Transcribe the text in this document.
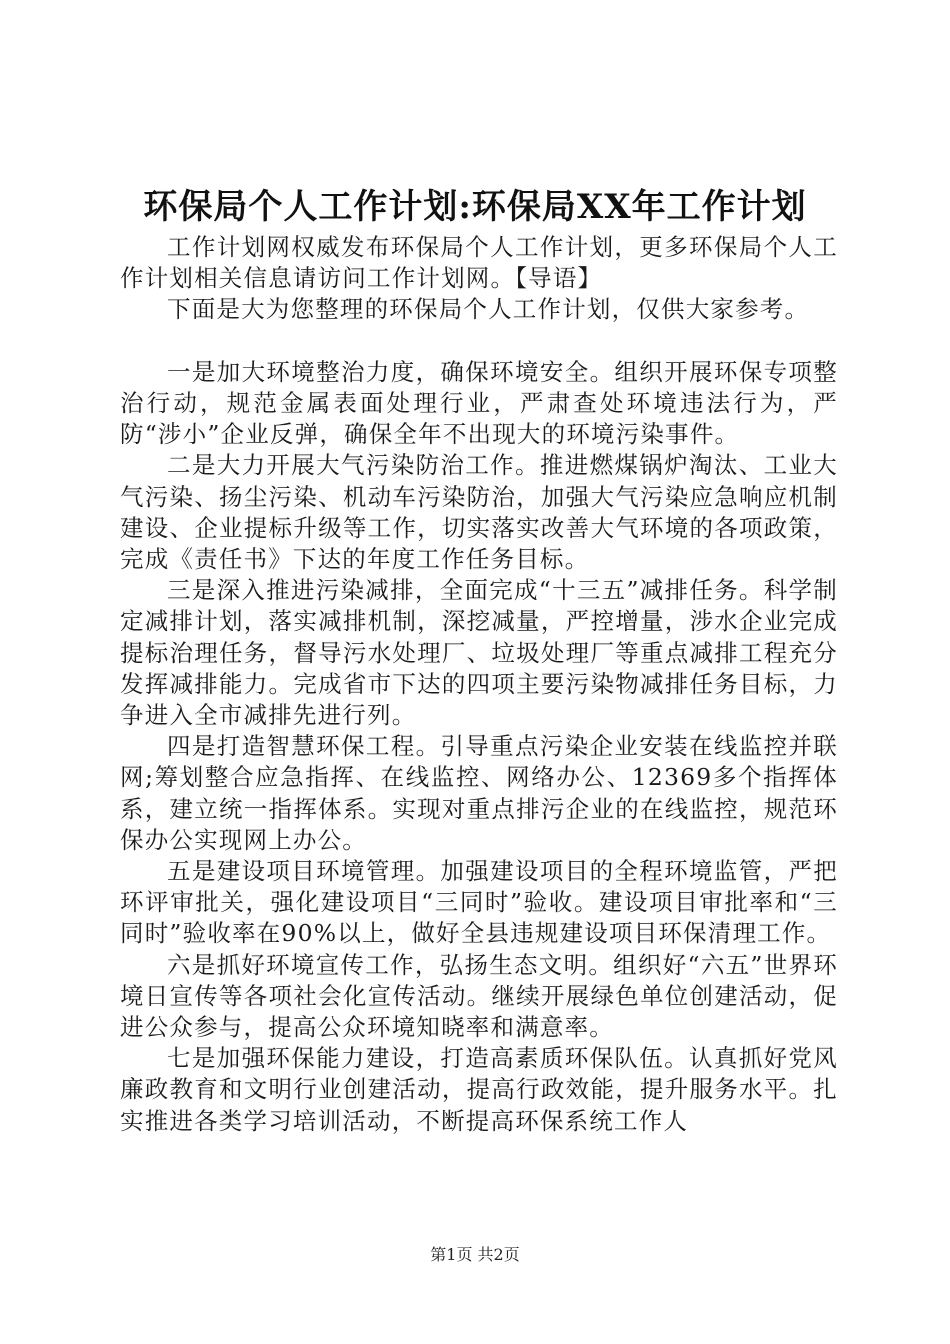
环保局个人工作计划:环保局XX年工作计划

工作计划网权威发布环保局个人工作计划，更多环保局个人工作计划相关信息请访问工作计划网。【导语】

下面是大为您整理的环保局个人工作计划，仅供大家参考。

一是加大环境整治力度，确保环境安全。组织开展环保专项整治行动，规范金属表面处理行业，严肃查处环境违法行为，严防“涉小”企业反弹，确保全年不出现大的环境污染事件。

二是大力开展大气污染防治工作。推进燃煤锅炉淘汰、工业大气污染、扬尘污染、机动车污染防治，加强大气污染应急响应机制建设、企业提标升级等工作，切实落实改善大气环境的各项政策，完成《责任书》下达的年度工作任务目标。

三是深入推进污染减排，全面完成“十三五”减排任务。科学制定减排计划，落实减排机制，深挖减量，严控增量，涉水企业完成提标治理任务，督导污水处理厂、垃圾处理厂等重点减排工程充分发挥减排能力。完成省市下达的四项主要污染物减排任务目标，力争进入全市减排先进行列。

四是打造智慧环保工程。引导重点污染企业安装在线监控并联网;筹划整合应急指挥、在线监控、网络办公、12369多个指挥体系，建立统一指挥体系。实现对重点排污企业的在线监控，规范环保办公实现网上办公。

五是建设项目环境管理。加强建设项目的全程环境监管，严把环评审批关，强化建设项目“三同时”验收。建设项目审批率和“三同时”验收率在90%以上，做好全县违规建设项目环保清理工作。

六是抓好环境宣传工作，弘扬生态文明。组织好“六五”世界环境日宣传等各项社会化宣传活动。继续开展绿色单位创建活动，促进公众参与，提高公众环境知晓率和满意率。

七是加强环保能力建设，打造高素质环保队伍。认真抓好党风廉政教育和文明行业创建活动，提高行政效能，提升服务水平。扎实推进各类学习培训活动，不断提高环保系统工作人

第1页 共2页
